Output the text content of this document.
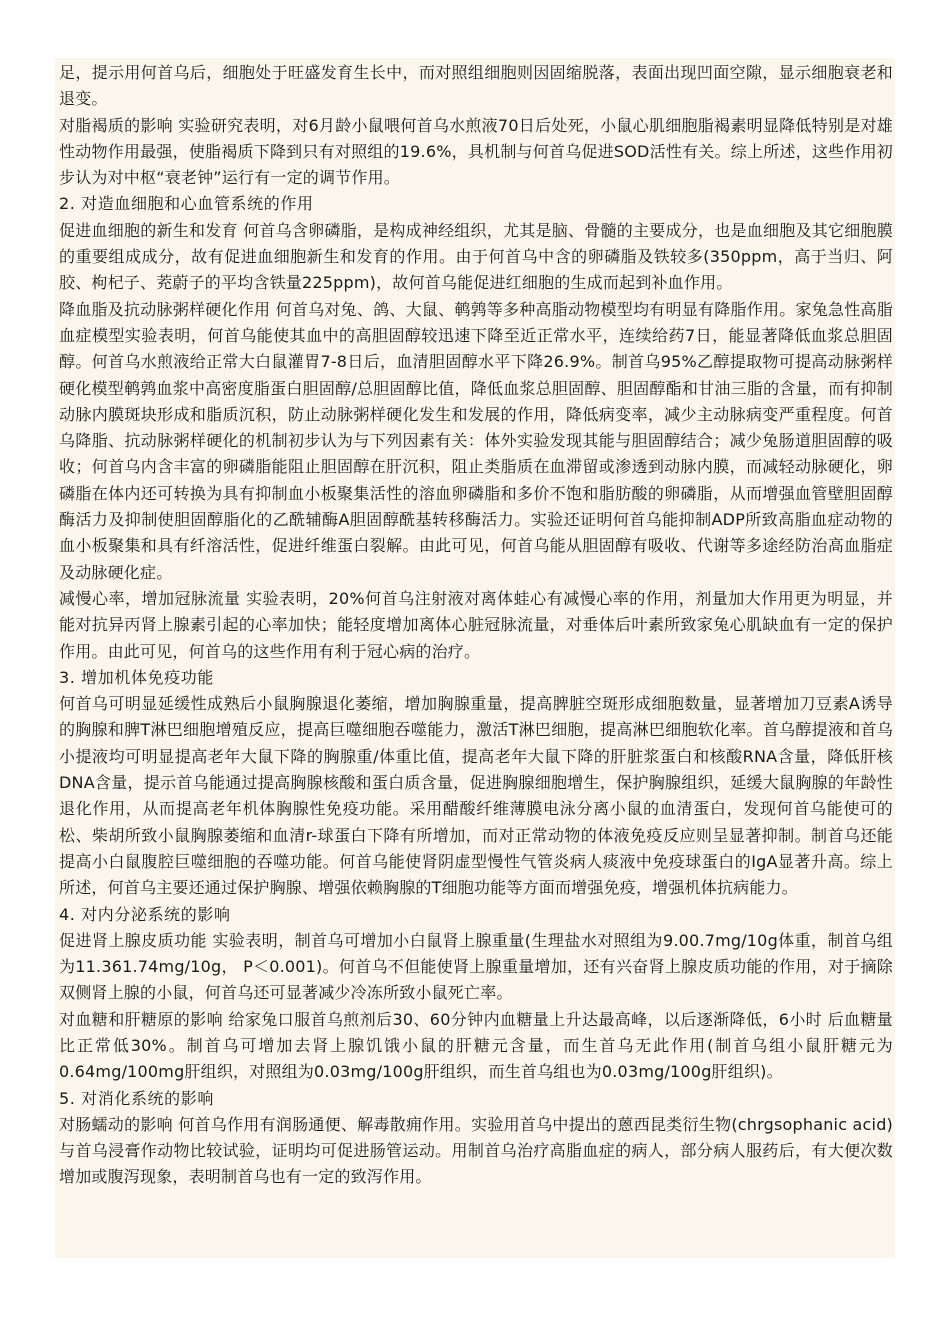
足，提示用何首乌后，细胞处于旺盛发育生长中，而对照组细胞则因固缩脱落，表面出现凹面空隙，显示细胞衰老和退变。

对脂褐质的影响 实验研究表明，对6月龄小鼠喂何首乌水煎液70日后处死，小鼠心肌细胞脂褐素明显降低特别是对雄性动物作用最强，使脂褐质下降到只有对照组的19.6%，具机制与何首乌促进SOD活性有关。综上所述，这些作用初步认为对中枢“衰老钟”运行有一定的调节作用。

2. 对造血细胞和心血管系统的作用

促进血细胞的新生和发育 何首乌含卵磷脂，是构成神经组织，尤其是脑、骨髓的主要成分，也是血细胞及其它细胞膜的重要组成成分，故有促进血细胞新生和发育的作用。由于何首乌中含的卵磷脂及铁较多(350ppm，高于当归、阿胶、枸杞子、茺蔚子的平均含铁量225ppm)，故何首乌能促进红细胞的生成而起到补血作用。

降血脂及抗动脉粥样硬化作用 何首乌对兔、鸽、大鼠、鹌鹑等多种高脂动物模型均有明显有降脂作用。家兔急性高脂血症模型实验表明，何首乌能使其血中的高胆固醇较迅速下降至近正常水平，连续给药7日，能显著降低血浆总胆固醇。何首乌水煎液给正常大白鼠灌胃7-8日后，血清胆固醇水平下降26.9%。制首乌95%乙醇提取物可提高动脉粥样硬化模型鹌鹑血浆中高密度脂蛋白胆固醇/总胆固醇比值，降低血浆总胆固醇、胆固醇酯和甘油三脂的含量，而有抑制动脉内膜斑块形成和脂质沉积，防止动脉粥样硬化发生和发展的作用，降低病变率，减少主动脉病变严重程度。何首乌降脂、抗动脉粥样硬化的机制初步认为与下列因素有关：体外实验发现其能与胆固醇结合；减少兔肠道胆固醇的吸收；何首乌内含丰富的卵磷脂能阻止胆固醇在肝沉积，阻止类脂质在血滞留或渗透到动脉内膜，而减轻动脉硬化，卵磷脂在体内还可转换为具有抑制血小板聚集活性的溶血卵磷脂和多价不饱和脂肪酸的卵磷脂，从而增强血管壁胆固醇酶活力及抑制使胆固醇脂化的乙酰辅酶A胆固醇酰基转移酶活力。实验还证明何首乌能抑制ADP所致高脂血症动物的血小板聚集和具有纤溶活性，促进纤维蛋白裂解。由此可见，何首乌能从胆固醇有吸收、代谢等多途经防治高血脂症及动脉硬化症。

减慢心率，增加冠脉流量 实验表明，20%何首乌注射液对离体蛙心有减慢心率的作用，剂量加大作用更为明显，并能对抗异丙肾上腺素引起的心率加快；能轻度增加离体心脏冠脉流量，对垂体后叶素所致家兔心肌缺血有一定的保护作用。由此可见，何首乌的这些作用有利于冠心病的治疗。

3. 增加机体免疫功能

何首乌可明显延缓性成熟后小鼠胸腺退化萎缩，增加胸腺重量，提高脾脏空斑形成细胞数量，显著增加刀豆素A诱导的胸腺和脾T淋巴细胞增殖反应，提高巨噬细胞吞噬能力，激活T淋巴细胞，提高淋巴细胞软化率。首乌醇提液和首乌小提液均可明显提高老年大鼠下降的胸腺重/体重比值，提高老年大鼠下降的肝脏浆蛋白和核酸RNA含量，降低肝核DNA含量，提示首乌能通过提高胸腺核酸和蛋白质含量，促进胸腺细胞增生，保护胸腺组织，延缓大鼠胸腺的年龄性退化作用，从而提高老年机体胸腺性免疫功能。采用醋酸纤维薄膜电泳分离小鼠的血清蛋白，发现何首乌能使可的松、柴胡所致小鼠胸腺萎缩和血清r-球蛋白下降有所增加，而对正常动物的体液免疫反应则呈显著抑制。制首乌还能提高小白鼠腹腔巨噬细胞的吞噬功能。何首乌能使肾阴虚型慢性气管炎病人痰液中免疫球蛋白的IgA显著升高。综上所述，何首乌主要还通过保护胸腺、增强依赖胸腺的T细胞功能等方面而增强免疫，增强机体抗病能力。

4. 对内分泌系统的影响

促进肾上腺皮质功能 实验表明，制首乌可增加小白鼠肾上腺重量(生理盐水对照组为9.00.7mg/10g体重，制首乌组为11.361.74mg/10g， P＜0.001)。何首乌不但能使肾上腺重量增加，还有兴奋肾上腺皮质功能的作用，对于摘除双侧肾上腺的小鼠，何首乌还可显著减少冷冻所致小鼠死亡率。

对血糖和肝糖原的影响 给家兔口服首乌煎剂后30、60分钟内血糖量上升达最高峰，以后逐渐降低，6小时 后血糖量比正常低30%。制首乌可增加去肾上腺饥饿小鼠的肝糖元含量，而生首乌无此作用(制首乌组小鼠肝糖元为0.64mg/100mg肝组织，对照组为0.03mg/100g肝组织，而生首乌组也为0.03mg/100g肝组织)。

5. 对消化系统的影响

对肠蠕动的影响 何首乌作用有润肠通便、解毒散痈作用。实验用首乌中提出的蒽西昆类衍生物(chrgsophanic acid)与首乌浸膏作动物比较试验，证明均可促进肠管运动。用制首乌治疗高脂血症的病人，部分病人服药后，有大便次数增加或腹泻现象，表明制首乌也有一定的致泻作用。
